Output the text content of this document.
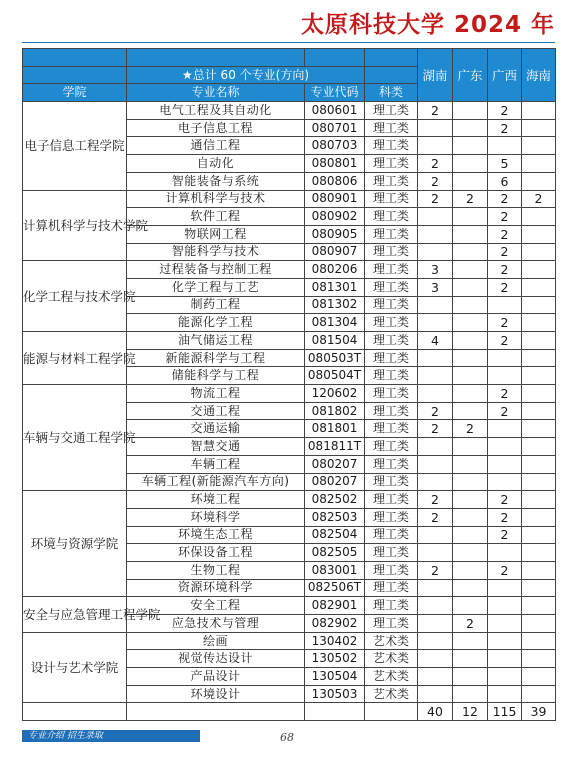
太原科技大学 2024 年
				湖南	广东	广西	海南
	★总计 60 个专业(方向)						
学院	专业名称	专业代码	科类				
电子信息工程学院	电气工程及其自动化	080601	理工类	2		2	
	电子信息工程	080701	理工类			2	
	通信工程	080703	理工类				
	自动化	080801	理工类	2		5	
	智能装备与系统	080806	理工类	2		6	
计算机科学与技术学院	计算机科学与技术	080901	理工类	2	2	2	2
	软件工程	080902	理工类			2	
	物联网工程	080905	理工类			2	
	智能科学与技术	080907	理工类			2	
化学工程与技术学院	过程装备与控制工程	080206	理工类	3		2	
	化学工程与工艺	081301	理工类	3		2	
	制药工程	081302	理工类				
	能源化学工程	081304	理工类			2	
能源与材料工程学院	油气储运工程	081504	理工类	4		2	
	新能源科学与工程	080503T	理工类				
	储能科学与工程	080504T	理工类				
车辆与交通工程学院	物流工程	120602	理工类			2	
	交通工程	081802	理工类	2		2	
	交通运输	081801	理工类	2	2		
	智慧交通	081811T	理工类				
	车辆工程	080207	理工类				
	车辆工程(新能源汽车方向)	080207	理工类				
环境与资源学院	环境工程	082502	理工类	2		2	
	环境科学	082503	理工类	2		2	
	环境生态工程	082504	理工类			2	
	环保设备工程	082505	理工类				
	生物工程	083001	理工类	2		2	
	资源环境科学	082506T	理工类				
安全与应急管理工程学院	安全工程	082901	理工类				
	应急技术与管理	082902	理工类		2		
设计与艺术学院	绘画	130402	艺术类				
	视觉传达设计	130502	艺术类				
	产品设计	130504	艺术类				
	环境设计	130503	艺术类				
				40	12	115	39
专业介绍 招生录取	68
